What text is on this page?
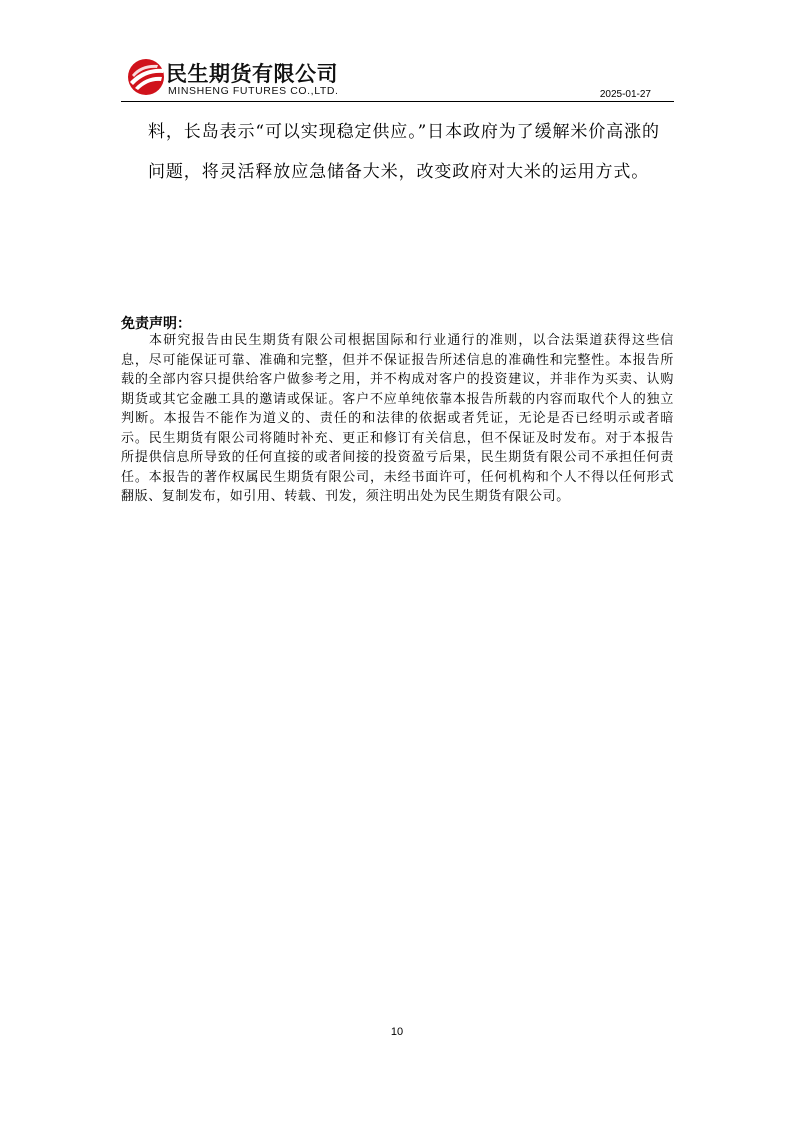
民生期货有限公司
MINSHENG FUTURES CO.,LTD.	2025-01-27

料，长岛表示“可以实现稳定供应。”日本政府为了缓解米价高涨的问题，将灵活释放应急储备大米，改变政府对大米的运用方式。

免责声明：

本研究报告由民生期货有限公司根据国际和行业通行的准则，以合法渠道获得这些信息，尽可能保证可靠、准确和完整，但并不保证报告所述信息的准确性和完整性。本报告所载的全部内容只提供给客户做参考之用，并不构成对客户的投资建议，并非作为买卖、认购期货或其它金融工具的邀请或保证。客户不应单纯依靠本报告所载的内容而取代个人的独立判断。本报告不能作为道义的、责任的和法律的依据或者凭证，无论是否已经明示或者暗示。民生期货有限公司将随时补充、更正和修订有关信息，但不保证及时发布。对于本报告所提供信息所导致的任何直接的或者间接的投资盈亏后果，民生期货有限公司不承担任何责任。本报告的著作权属民生期货有限公司，未经书面许可，任何机构和个人不得以任何形式翻版、复制发布，如引用、转载、刊发，须注明出处为民生期货有限公司。

10
